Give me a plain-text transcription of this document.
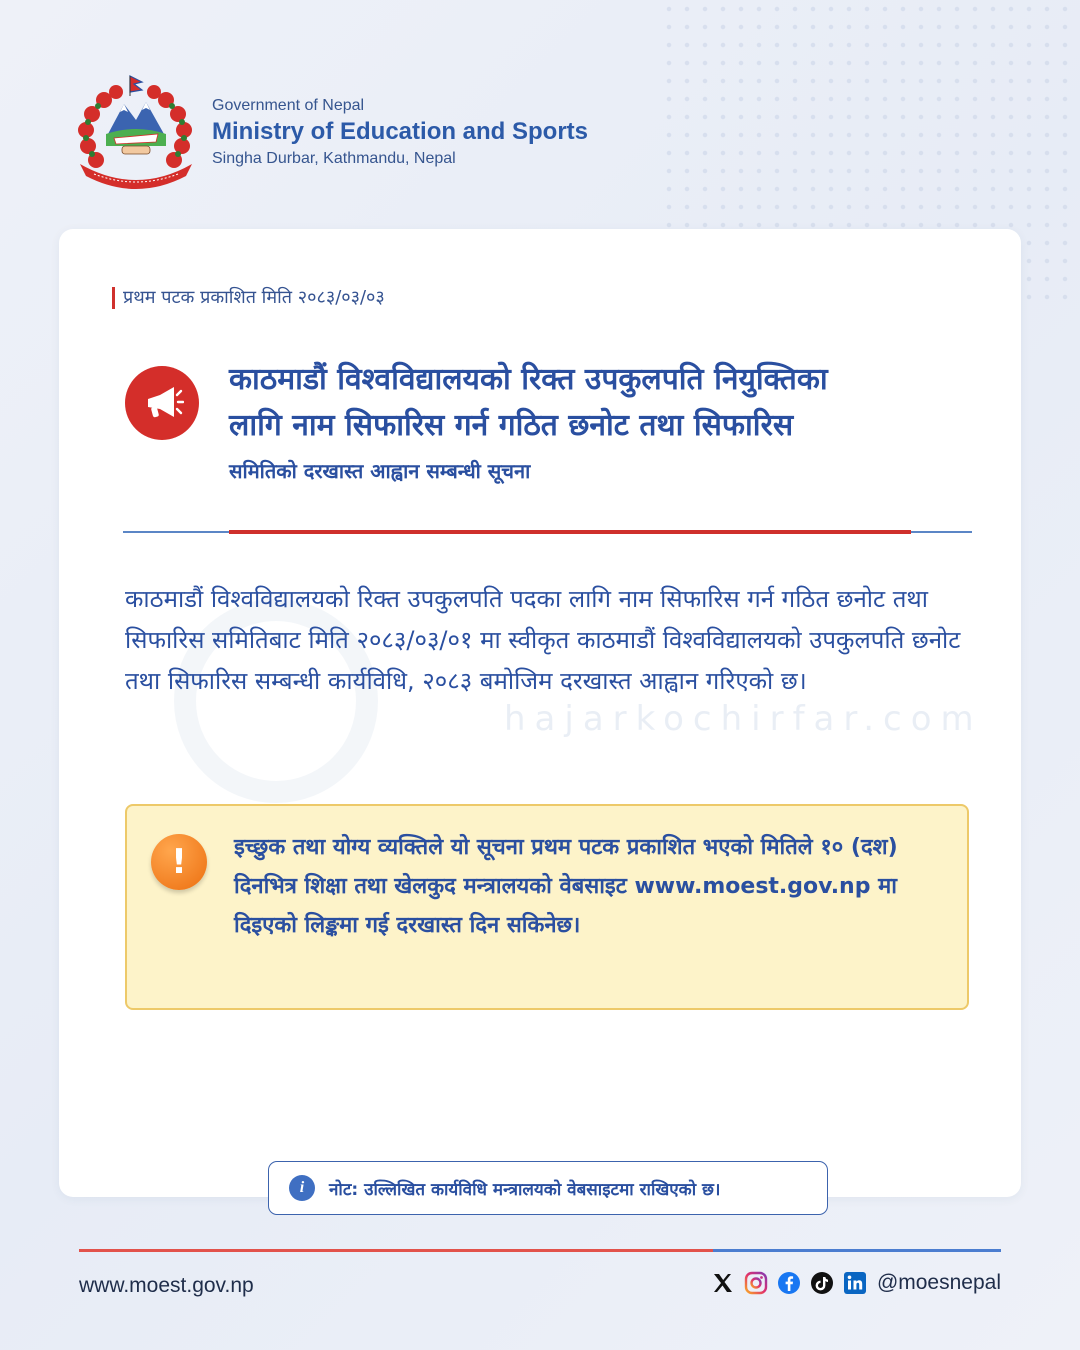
Government of Nepal
Ministry of Education and Sports
Singha Durbar, Kathmandu, Nepal
प्रथम पटक प्रकाशित मिति २०८३/०३/०३
काठमाडौं विश्वविद्यालयको रिक्त उपकुलपति नियुक्तिका
लागि नाम सिफारिस गर्न गठित छनोट तथा सिफारिस
समितिको दरखास्त आह्वान सम्बन्धी सूचना
hajarkochirfar.com
काठमाडौं विश्वविद्यालयको रिक्त उपकुलपति पदका लागि नाम सिफारिस गर्न गठित छनोट तथा सिफारिस समितिबाट मिति २०८३/०३/०१ मा स्वीकृत काठमाडौं विश्वविद्यालयको उपकुलपति छनोट तथा सिफारिस सम्बन्धी कार्यविधि, २०८३ बमोजिम दरखास्त आह्वान गरिएको छ।
!	इच्छुक तथा योग्य व्यक्तिले यो सूचना प्रथम पटक प्रकाशित भएको मितिले १० (दश) दिनभित्र शिक्षा तथा खेलकुद मन्त्रालयको वेबसाइट www.moest.gov.np मा दिइएको लिङ्कमा गई दरखास्त दिन सकिनेछ।
i	नोट: उल्लिखित कार्यविधि मन्त्रालयको वेबसाइटमा राखिएको छ।
www.moest.gov.np	@moesnepal
